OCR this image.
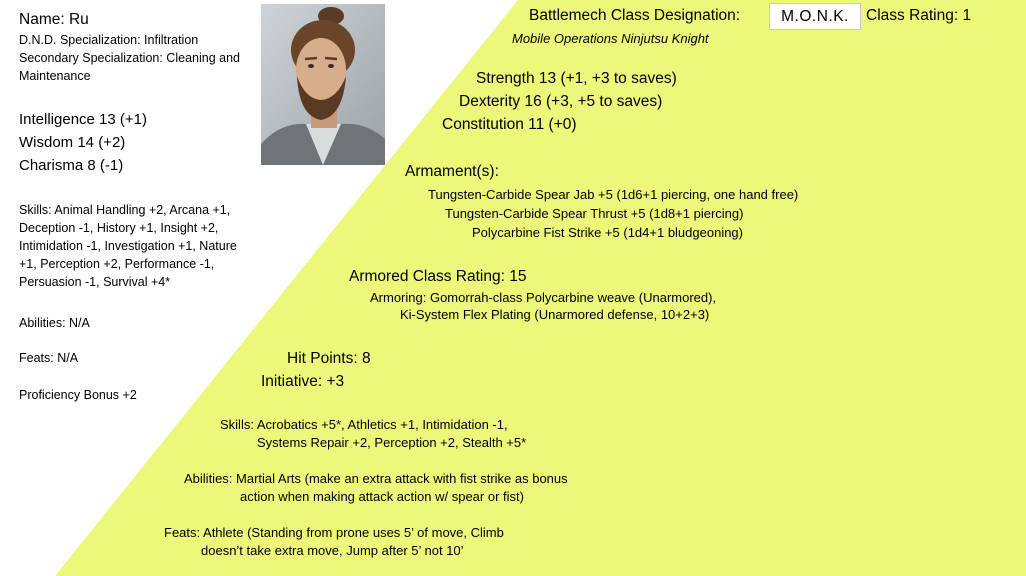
Name: Ru
D.N.D. Specialization: Infiltration
Secondary Specialization: Cleaning and
Maintenance
Intelligence 13 (+1)
Wisdom 14 (+2)
Charisma 8 (-1)
Skills: Animal Handling +2, Arcana +1,
Deception -1, History +1, Insight +2,
Intimidation -1, Investigation +1, Nature
+1, Perception +2, Performance -1,
Persuasion -1, Survival +4*
Abilities: N/A
Feats: N/A
Proficiency Bonus +2
Battlemech Class Designation:	M.O.N.K.	Class Rating: 1
Mobile Operations Ninjutsu Knight
Strength 13 (+1, +3 to saves)
Dexterity 16 (+3, +5 to saves)
Constitution 11 (+0)
Armament(s):
Tungsten-Carbide Spear Jab +5 (1d6+1 piercing, one hand free)
Tungsten-Carbide Spear Thrust +5 (1d8+1 piercing)
Polycarbine Fist Strike +5 (1d4+1 bludgeoning)
Armored Class Rating: 15
Armoring: Gomorrah-class Polycarbine weave (Unarmored),
Ki-System Flex Plating (Unarmored defense, 10+2+3)
Hit Points: 8
Initiative: +3
Skills: Acrobatics +5*, Athletics +1, Intimidation -1,
Systems Repair +2, Perception +2, Stealth +5*
Abilities: Martial Arts (make an extra attack with fist strike as bonus
action when making attack action w/ spear or fist)
Feats: Athlete (Standing from prone uses 5’ of move, Climb
doesn’t take extra move, Jump after 5’ not 10’
